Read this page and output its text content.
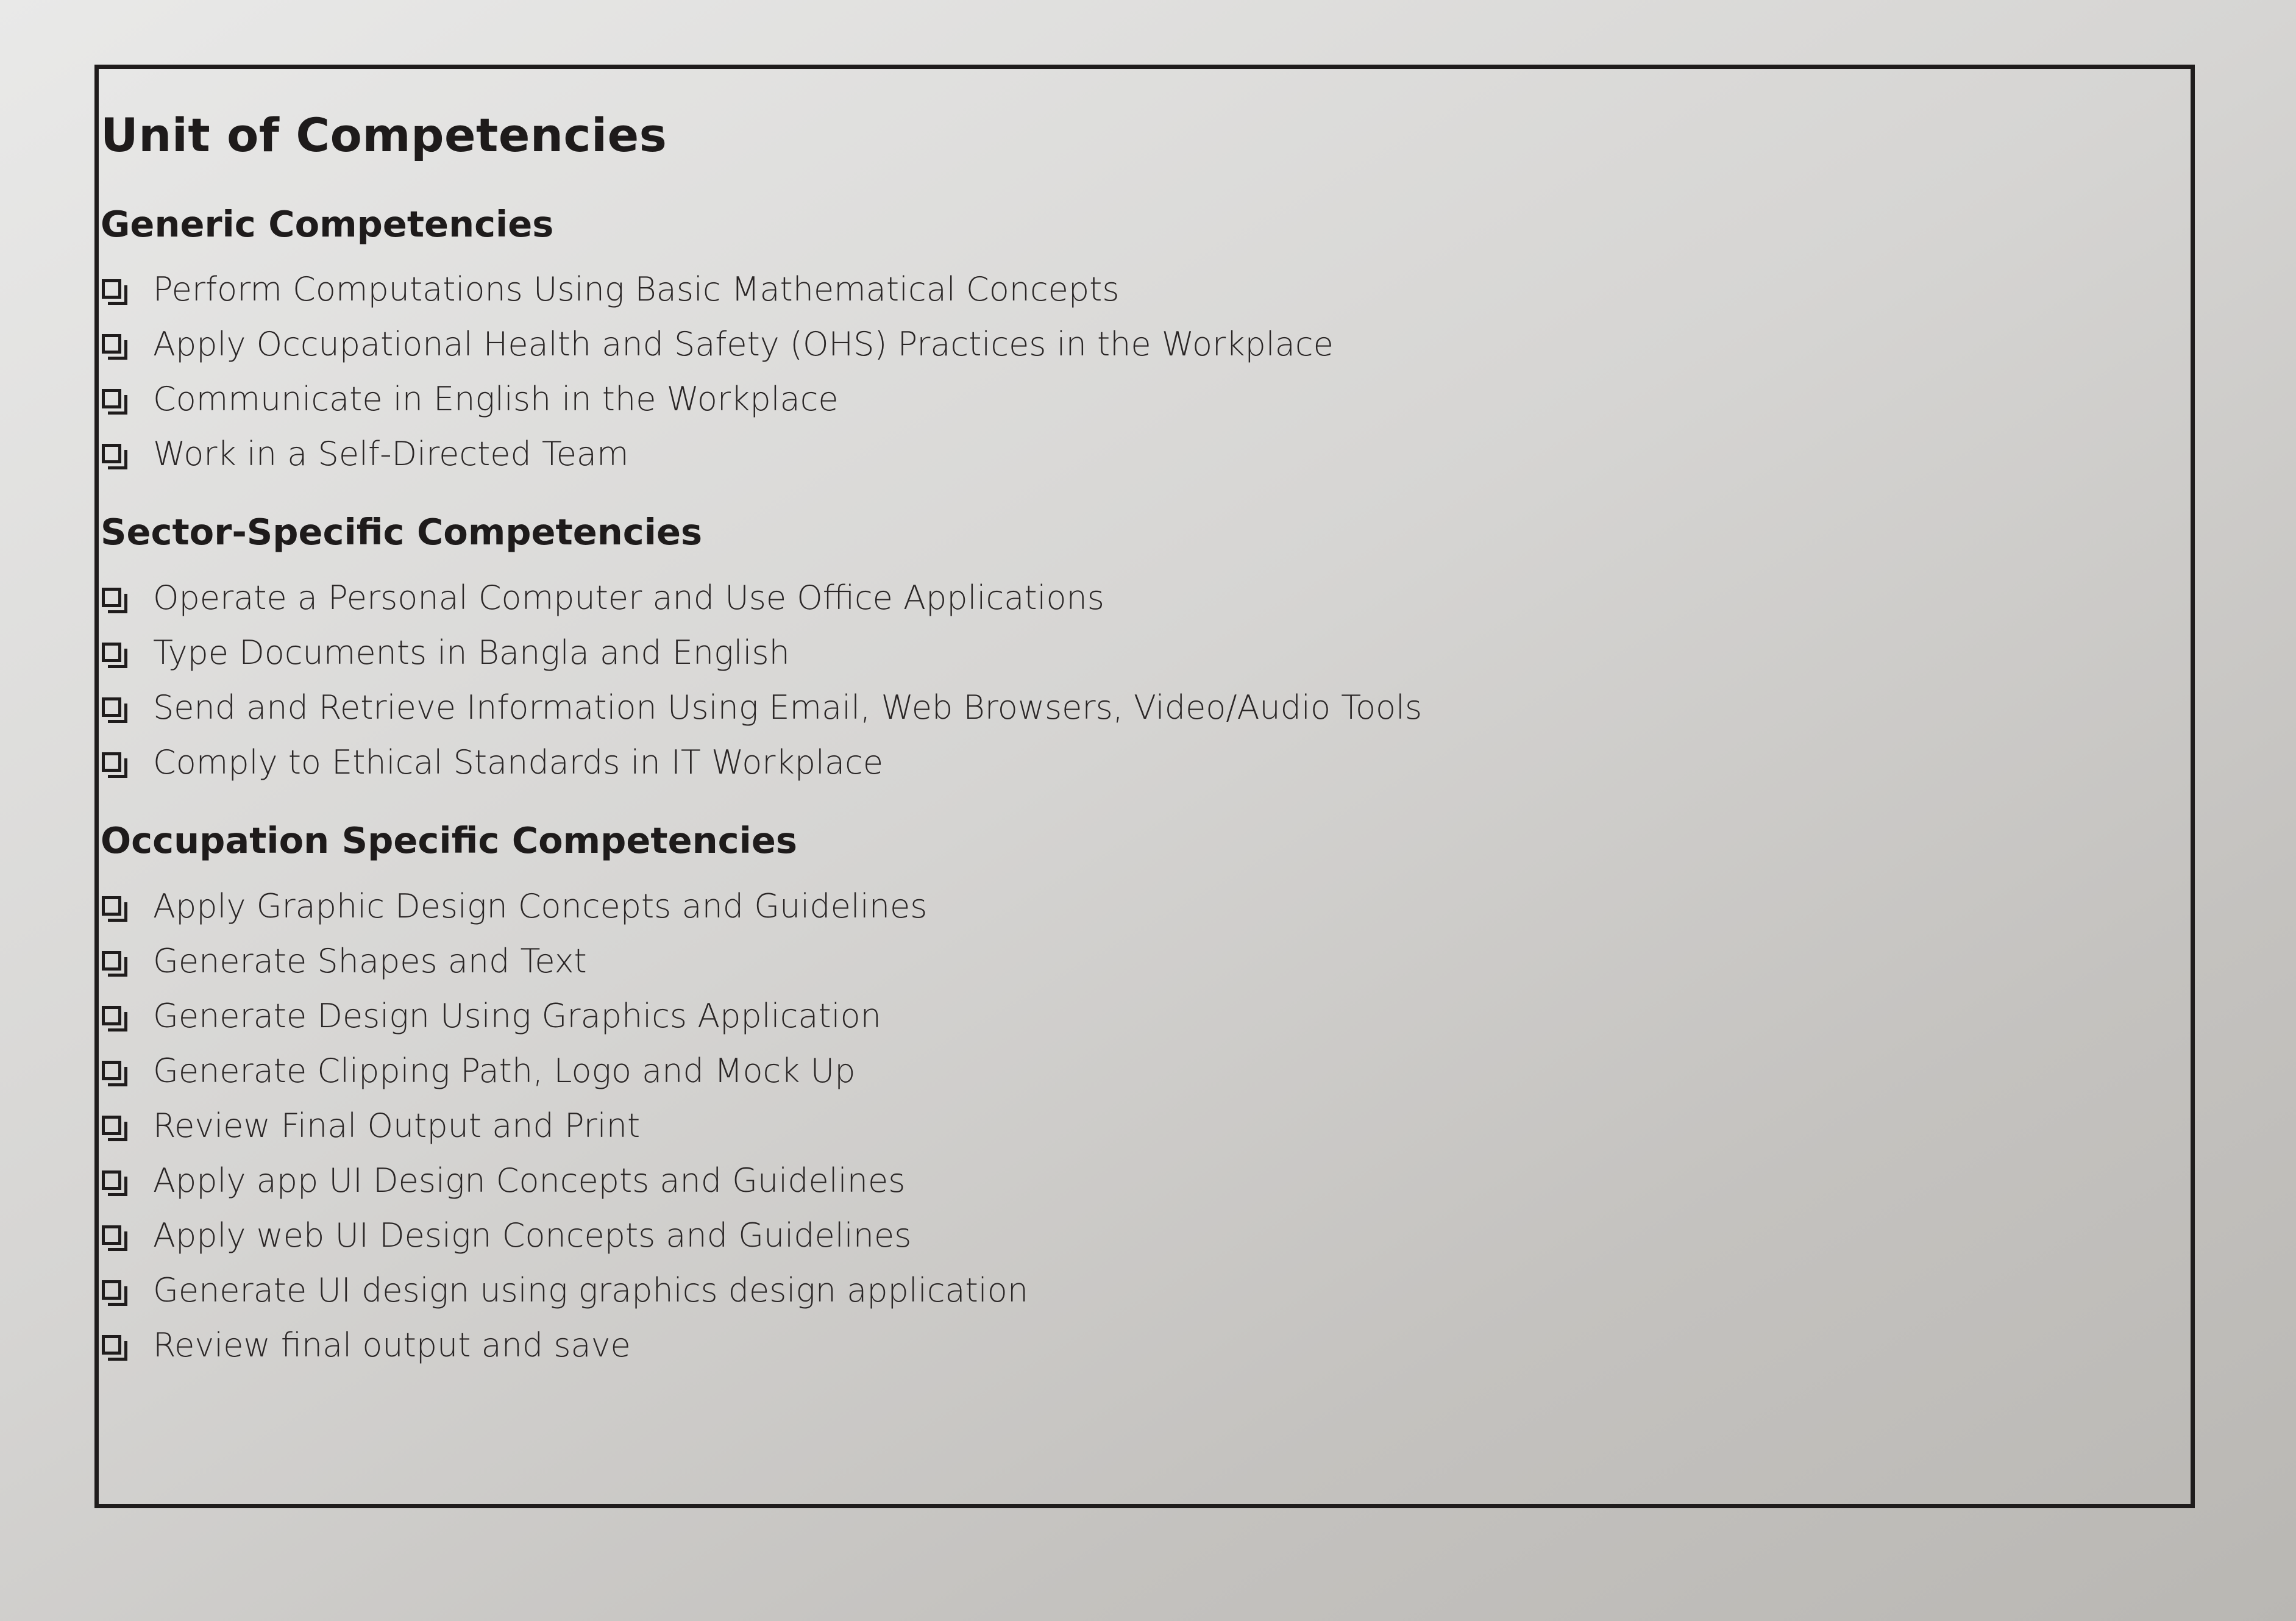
Unit of Competencies
Generic Competencies
Perform Computations Using Basic Mathematical Concepts
Apply Occupational Health and Safety (OHS) Practices in the Workplace
Communicate in English in the Workplace
Work in a Self-Directed Team
Sector-Specific Competencies
Operate a Personal Computer and Use Office Applications
Type Documents in Bangla and English
Send and Retrieve Information Using Email, Web Browsers, Video/Audio Tools
Comply to Ethical Standards in IT Workplace
Occupation Specific Competencies
Apply Graphic Design Concepts and Guidelines
Generate Shapes and Text
Generate Design Using Graphics Application
Generate Clipping Path, Logo and Mock Up
Review Final Output and Print
Apply app UI Design Concepts and Guidelines
Apply web UI Design Concepts and Guidelines
Generate UI design using graphics design application
Review final output and save
